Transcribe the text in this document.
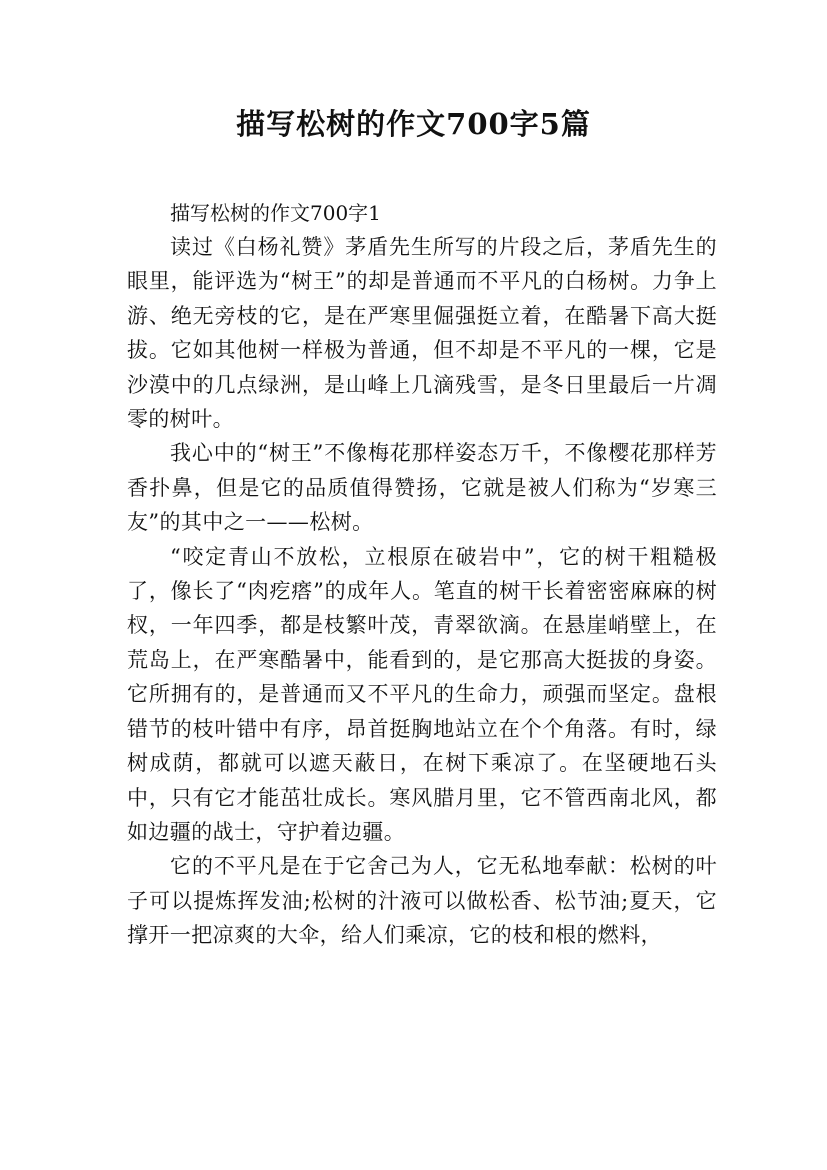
描写松树的作文700字5篇
描写松树的作文700字1

读过《白杨礼赞》茅盾先生所写的片段之后，茅盾先生的眼里，能评选为“树王”的却是普通而不平凡的白杨树。力争上游、绝无旁枝的它，是在严寒里倔强挺立着，在酷暑下高大挺拔。它如其他树一样极为普通，但不却是不平凡的一棵，它是沙漠中的几点绿洲，是山峰上几滴残雪，是冬日里最后一片凋零的树叶。

我心中的“树王”不像梅花那样姿态万千，不像樱花那样芳香扑鼻，但是它的品质值得赞扬，它就是被人们称为“岁寒三友”的其中之一——松树。

“咬定青山不放松，立根原在破岩中”，它的树干粗糙极了，像长了“肉疙瘩”的成年人。笔直的树干长着密密麻麻的树杈，一年四季，都是枝繁叶茂，青翠欲滴。在悬崖峭壁上，在荒岛上，在严寒酷暑中，能看到的，是它那高大挺拔的身姿。它所拥有的，是普通而又不平凡的生命力，顽强而坚定。盘根错节的枝叶错中有序，昂首挺胸地站立在个个角落。有时，绿树成荫，都就可以遮天蔽日，在树下乘凉了。在坚硬地石头中，只有它才能茁壮成长。寒风腊月里，它不管西南北风，都如边疆的战士，守护着边疆。

它的不平凡是在于它舍己为人，它无私地奉献：松树的叶子可以提炼挥发油;松树的汁液可以做松香、松节油;夏天，它撑开一把凉爽的大伞，给人们乘凉，它的枝和根的燃料，
